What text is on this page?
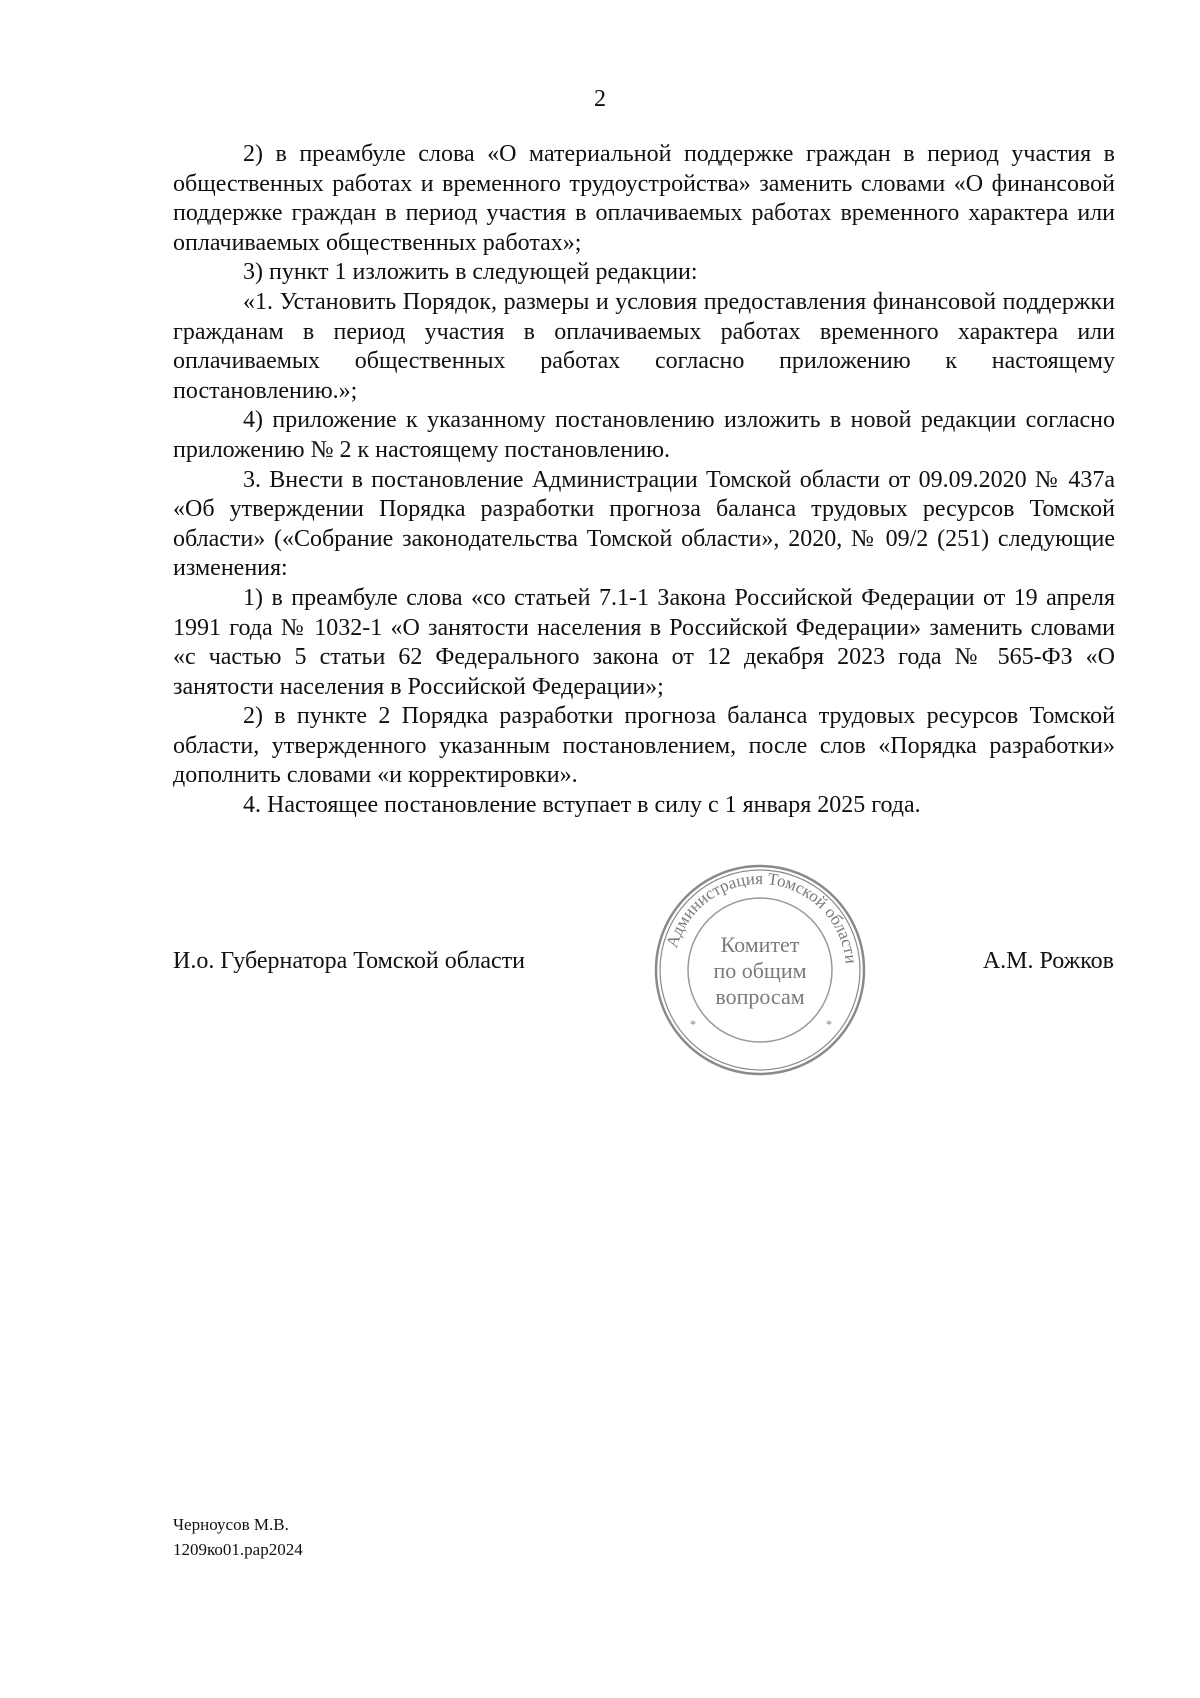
2

2) в преамбуле слова «О материальной поддержке граждан в период участия в общественных работах и временного трудоустройства» заменить словами «О финансовой поддержке граждан в период участия в оплачиваемых работах временного характера или оплачиваемых общественных работах»;

3) пункт 1 изложить в следующей редакции:

«1. Установить Порядок, размеры и условия предоставления финансовой поддержки гражданам в период участия в оплачиваемых работах временного характера или оплачиваемых общественных работах согласно приложению к настоящему постановлению.»;

4) приложение к указанному постановлению изложить в новой редакции согласно приложению № 2 к настоящему постановлению.

3. Внести в постановление Администрации Томской области от 09.09.2020 № 437а «Об утверждении Порядка разработки прогноза баланса трудовых ресурсов Томской области» («Собрание законодательства Томской области», 2020, № 09/2 (251) следующие изменения:

1) в преамбуле слова «со статьей 7.1-1 Закона Российской Федерации от 19 апреля 1991 года № 1032-1 «О занятости населения в Российской Федерации» заменить словами «с частью 5 статьи 62 Федерального закона от 12 декабря 2023 года № 565-ФЗ «О занятости населения в Российской Федерации»;

2) в пункте 2 Порядка разработки прогноза баланса трудовых ресурсов Томской области, утвержденного указанным постановлением, после слов «Порядка разработки» дополнить словами «и корректировки».

4. Настоящее постановление вступает в силу с 1 января 2025 года.

И.о. Губернатора Томской области	А.М. Рожков
Администрация Томской области
Комитет
по общим
вопросам
*	*
Черноусов М.В.
1209ко01.рар2024
